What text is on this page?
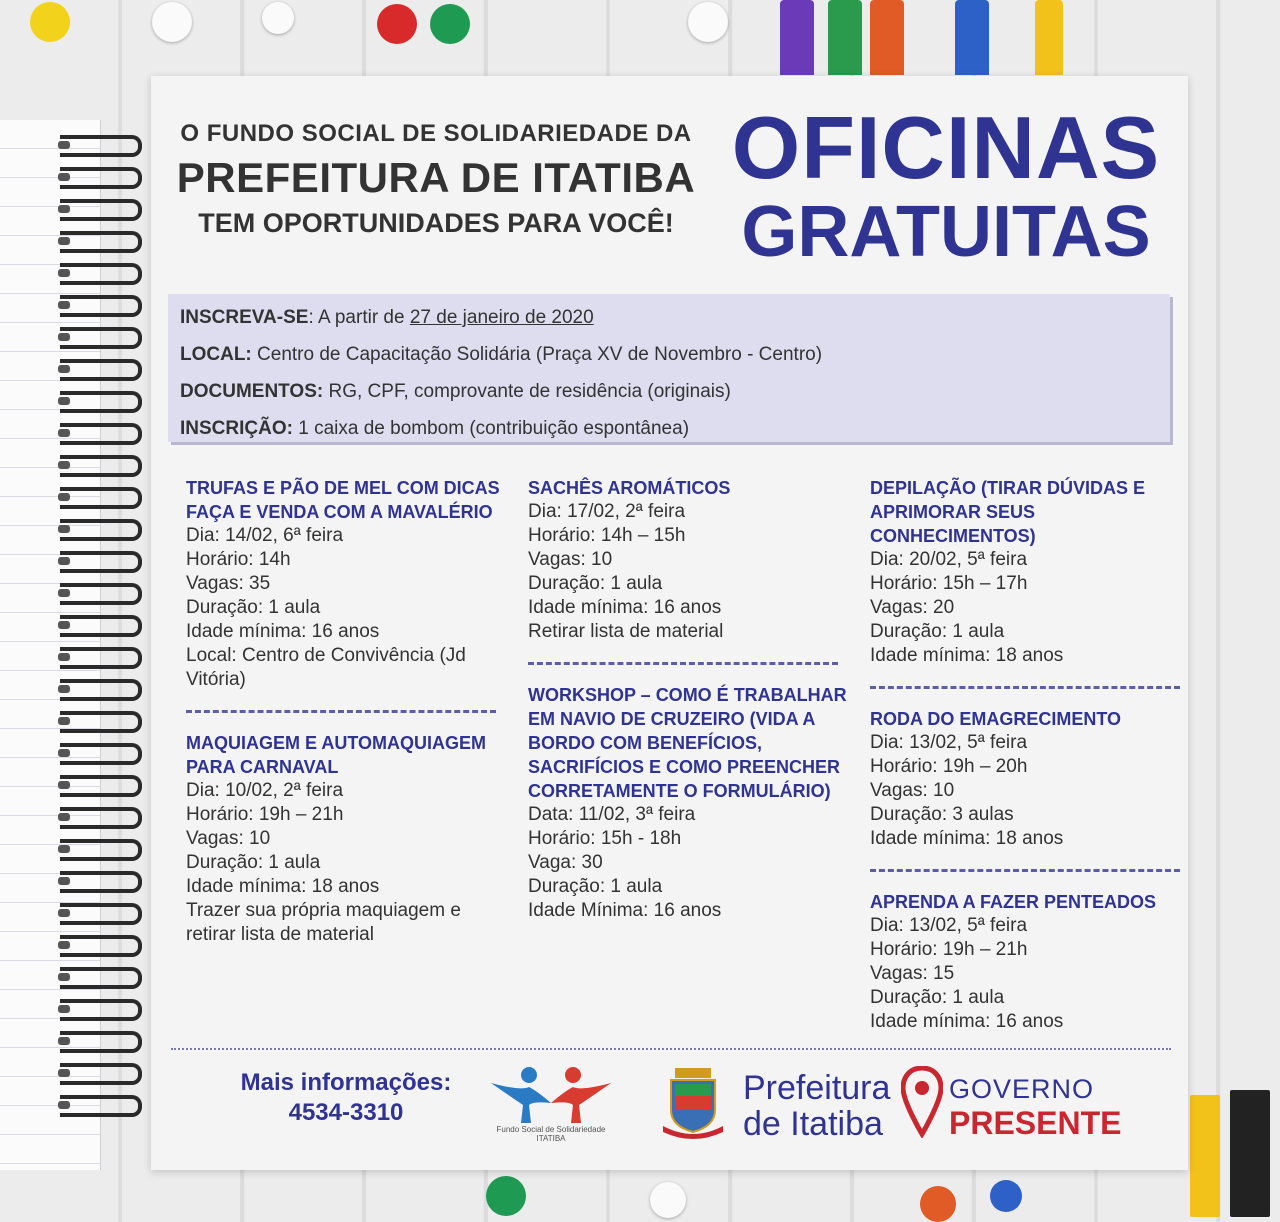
O FUNDO SOCIAL DE SOLIDARIEDADE DA
PREFEITURA DE ITATIBA
TEM OPORTUNIDADES PARA VOCÊ!
OFICINAS
GRATUITAS
INSCREVA-SE: A partir de 27 de janeiro de 2020
LOCAL: Centro de Capacitação Solidária (Praça XV de Novembro - Centro)
DOCUMENTOS: RG, CPF, comprovante de residência (originais)
INSCRIÇÃO: 1 caixa de bombom (contribuição espontânea)
TRUFAS E PÃO DE MEL COM DICAS FAÇA E VENDA COM A MAVALÉRIO
Dia: 14/02, 6ª feira
Horário: 14h
Vagas: 35
Duração: 1 aula
Idade mínima: 16 anos
Local: Centro de Convivência (Jd Vitória)
MAQUIAGEM E AUTOMAQUIAGEM PARA CARNAVAL
Dia: 10/02, 2ª feira
Horário: 19h – 21h
Vagas: 10
Duração: 1 aula
Idade mínima: 18 anos
Trazer sua própria maquiagem e retirar lista de material
SACHÊS AROMÁTICOS
Dia: 17/02, 2ª feira
Horário: 14h – 15h
Vagas: 10
Duração: 1 aula
Idade mínima: 16 anos
Retirar lista de material
WORKSHOP – COMO É TRABALHAR EM NAVIO DE CRUZEIRO (VIDA A BORDO COM BENEFÍCIOS, SACRIFÍCIOS E COMO PREENCHER CORRETAMENTE O FORMULÁRIO)
Data: 11/02, 3ª feira
Horário: 15h - 18h
Vaga: 30
Duração: 1 aula
Idade Mínima: 16 anos
DEPILAÇÃO (TIRAR DÚVIDAS E APRIMORAR SEUS CONHECIMENTOS)
Dia: 20/02, 5ª feira
Horário: 15h – 17h
Vagas: 20
Duração: 1 aula
Idade mínima: 18 anos
RODA DO EMAGRECIMENTO
Dia: 13/02, 5ª feira
Horário: 19h – 20h
Vagas: 10
Duração: 3 aulas
Idade mínima: 18 anos
APRENDA A FAZER PENTEADOS
Dia: 13/02, 5ª feira
Horário: 19h – 21h
Vagas: 15
Duração: 1 aula
Idade mínima: 16 anos
Mais informações:
4534-3310
Fundo Social de Solidariedade
ITATIBA
Prefeitura
de Itatiba
GOVERNO
PRESENTE
